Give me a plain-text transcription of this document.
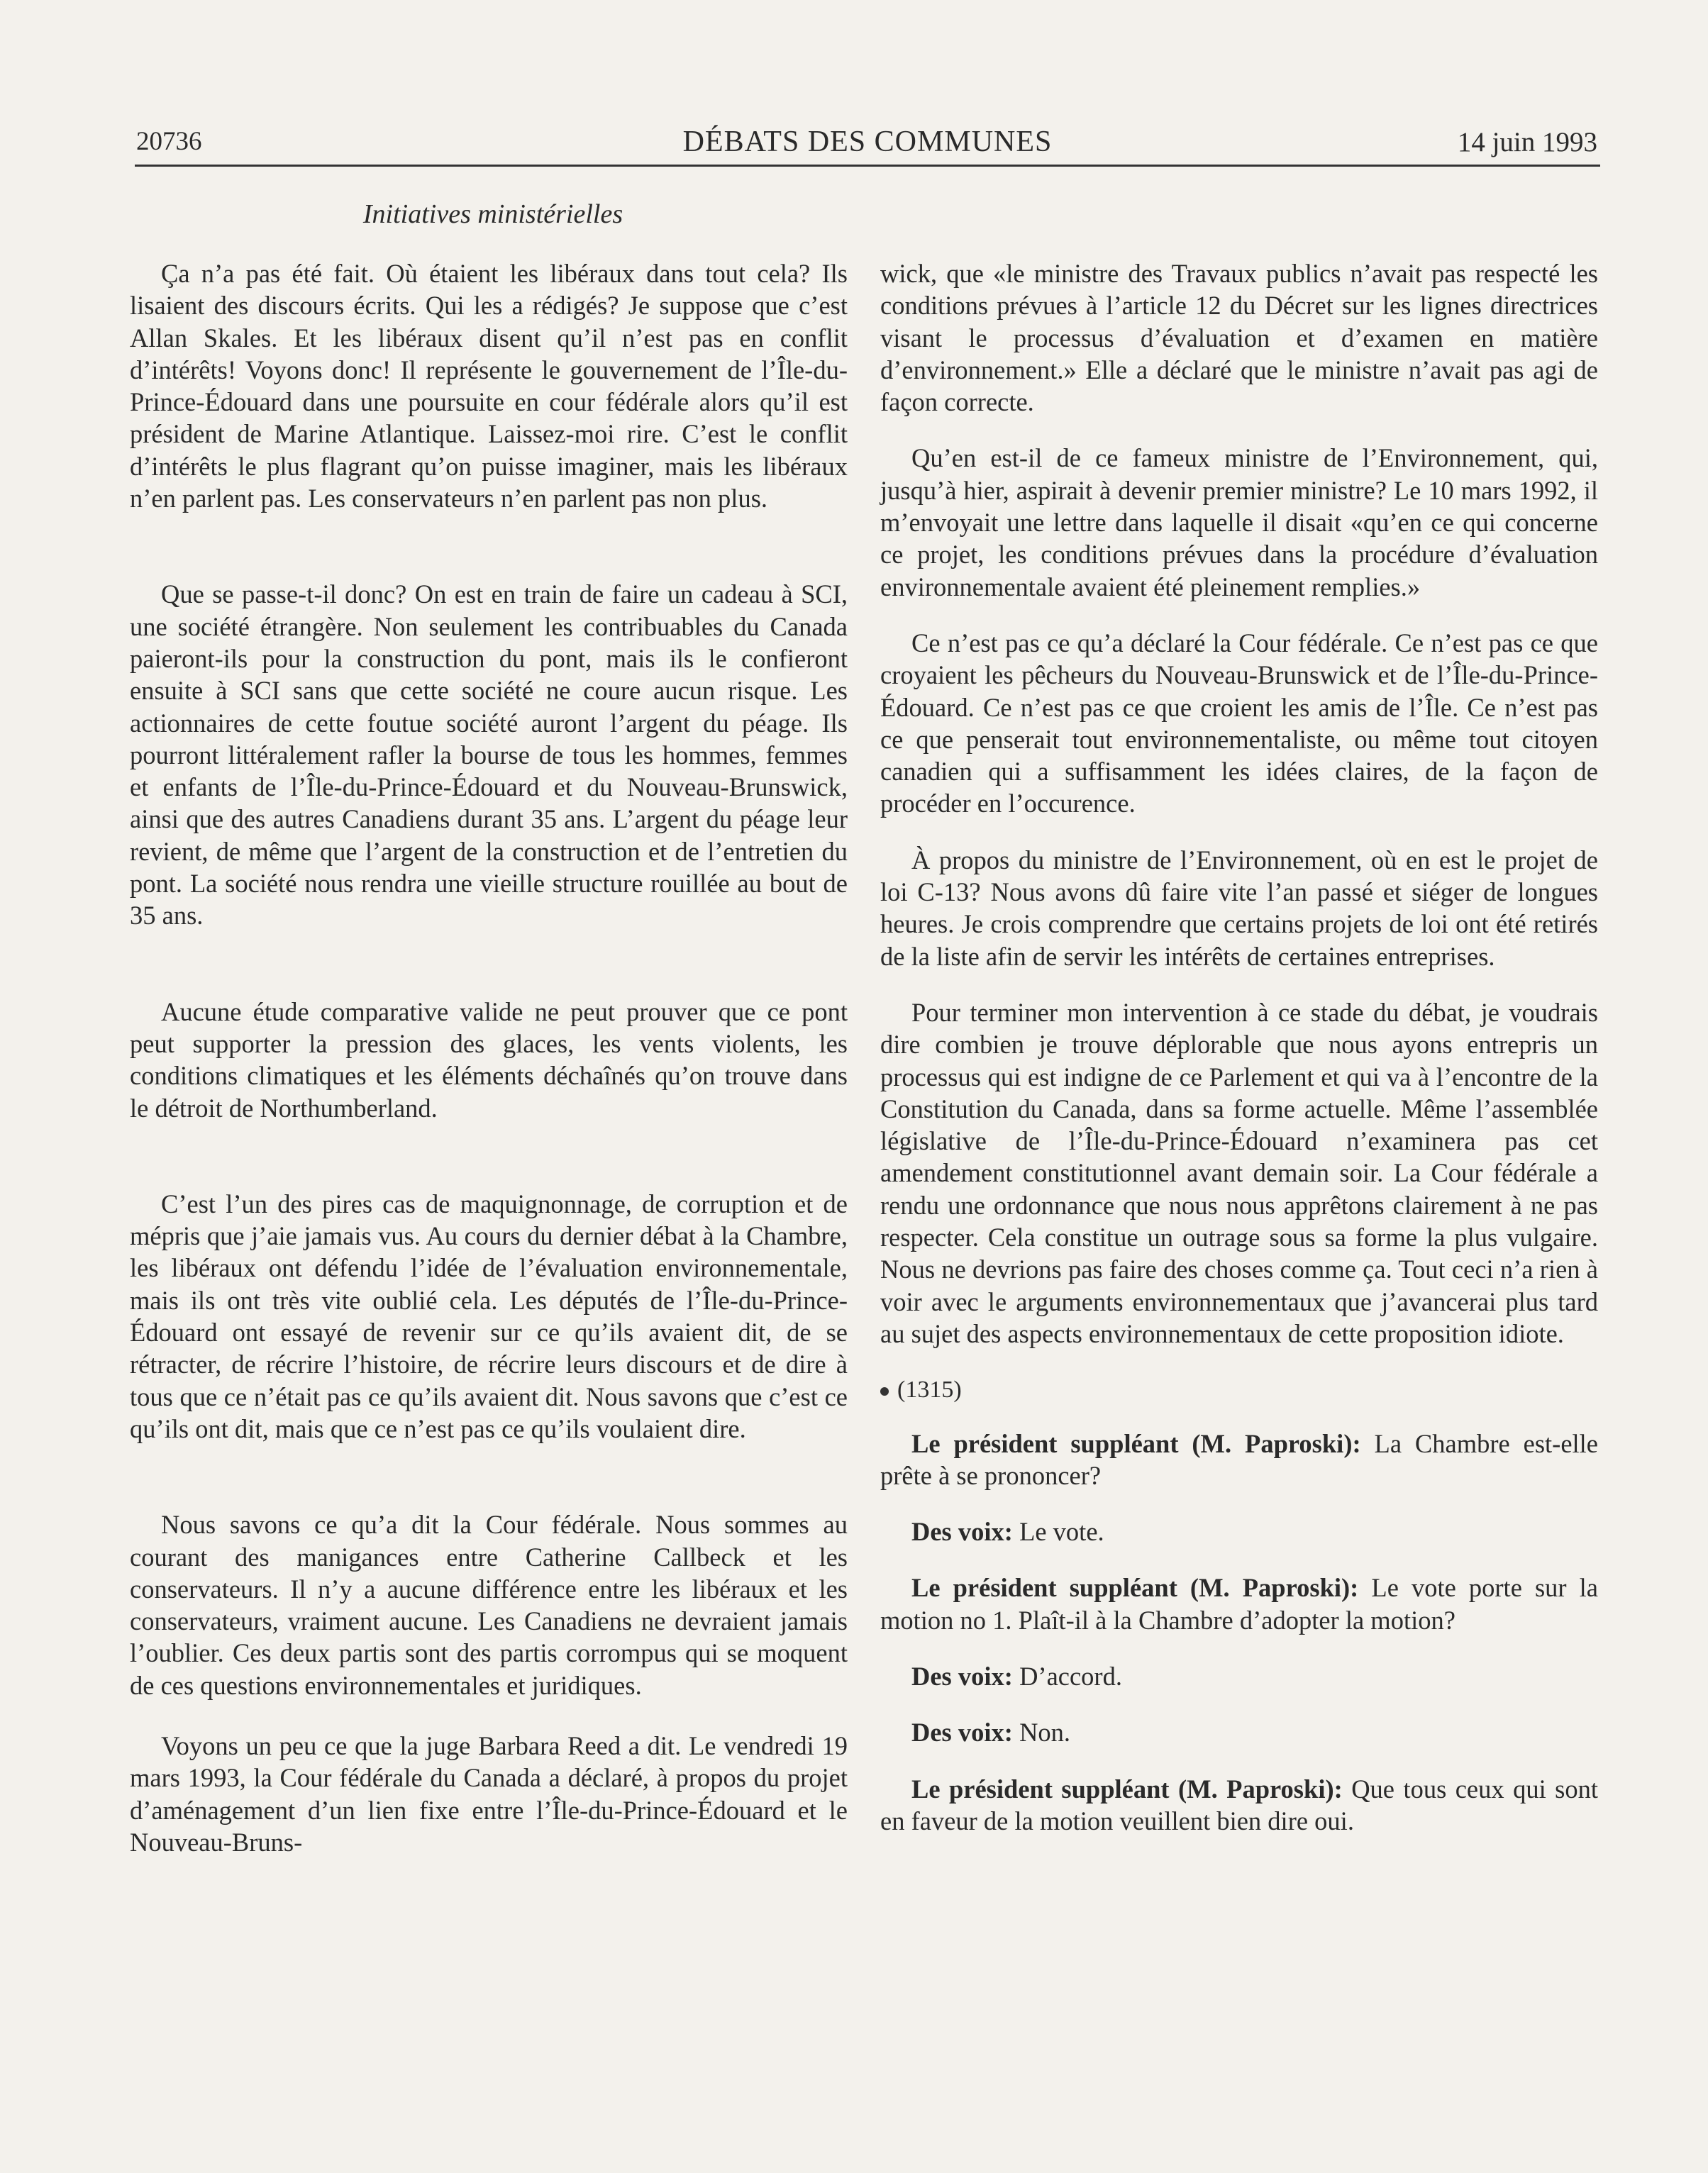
20736	DÉBATS DES COMMUNES	14 juin 1993
Initiatives ministérielles

Ça n’a pas été fait. Où étaient les libéraux dans tout cela? Ils lisaient des discours écrits. Qui les a rédigés? Je suppose que c’est Allan Skales. Et les libéraux disent qu’il n’est pas en conflit d’intérêts! Voyons donc! Il représente le gouvernement de l’Île-du-Prince-Édouard dans une poursuite en cour fédérale alors qu’il est président de Marine Atlantique. Laissez-moi rire. C’est le conflit d’intérêts le plus flagrant qu’on puisse imaginer, mais les libéraux n’en parlent pas. Les conservateurs n’en parlent pas non plus.

Que se passe-t-il donc? On est en train de faire un cadeau à SCI, une société étrangère. Non seulement les contribuables du Canada paieront-ils pour la construction du pont, mais ils le confieront ensuite à SCI sans que cette société ne coure aucun risque. Les actionnaires de cette foutue société auront l’argent du péage. Ils pourront littéralement rafler la bourse de tous les hommes, femmes et enfants de l’Île-du-Prince-Édouard et du Nouveau-Brunswick, ainsi que des autres Canadiens durant 35 ans. L’argent du péage leur revient, de même que l’argent de la construction et de l’entretien du pont. La société nous rendra une vieille structure rouillée au bout de 35 ans.

Aucune étude comparative valide ne peut prouver que ce pont peut supporter la pression des glaces, les vents violents, les conditions climatiques et les éléments déchaînés qu’on trouve dans le détroit de Northumberland.

C’est l’un des pires cas de maquignonnage, de corruption et de mépris que j’aie jamais vus. Au cours du dernier débat à la Chambre, les libéraux ont défendu l’idée de l’évaluation environnementale, mais ils ont très vite oublié cela. Les députés de l’Île-du-Prince-Édouard ont essayé de revenir sur ce qu’ils avaient dit, de se rétracter, de récrire l’histoire, de récrire leurs discours et de dire à tous que ce n’était pas ce qu’ils avaient dit. Nous savons que c’est ce qu’ils ont dit, mais que ce n’est pas ce qu’ils voulaient dire.

Nous savons ce qu’a dit la Cour fédérale. Nous sommes au courant des manigances entre Catherine Callbeck et les conservateurs. Il n’y a aucune différence entre les libéraux et les conservateurs, vraiment aucune. Les Canadiens ne devraient jamais l’oublier. Ces deux partis sont des partis corrompus qui se moquent de ces questions environnementales et juridiques.

Voyons un peu ce que la juge Barbara Reed a dit. Le vendredi 19 mars 1993, la Cour fédérale du Canada a déclaré, à propos du projet d’aménagement d’un lien fixe entre l’Île-du-Prince-Édouard et le Nouveau-Bruns-

wick, que «le ministre des Travaux publics n’avait pas respecté les conditions prévues à l’article 12 du Décret sur les lignes directrices visant le processus d’évaluation et d’examen en matière d’environnement.» Elle a déclaré que le ministre n’avait pas agi de façon correcte.

Qu’en est-il de ce fameux ministre de l’Environnement, qui, jusqu’à hier, aspirait à devenir premier ministre? Le 10 mars 1992, il m’envoyait une lettre dans laquelle il disait «qu’en ce qui concerne ce projet, les conditions prévues dans la procédure d’évaluation environnementale avaient été pleinement remplies.»

Ce n’est pas ce qu’a déclaré la Cour fédérale. Ce n’est pas ce que croyaient les pêcheurs du Nouveau-Brunswick et de l’Île-du-Prince-Édouard. Ce n’est pas ce que croient les amis de l’Île. Ce n’est pas ce que penserait tout environnementaliste, ou même tout citoyen canadien qui a suffisamment les idées claires, de la façon de procéder en l’occurence.

À propos du ministre de l’Environnement, où en est le projet de loi C-13? Nous avons dû faire vite l’an passé et siéger de longues heures. Je crois comprendre que certains projets de loi ont été retirés de la liste afin de servir les intérêts de certaines entreprises.

Pour terminer mon intervention à ce stade du débat, je voudrais dire combien je trouve déplorable que nous ayons entrepris un processus qui est indigne de ce Parlement et qui va à l’encontre de la Constitution du Canada, dans sa forme actuelle. Même l’assemblée législative de l’Île-du-Prince-Édouard n’examinera pas cet amendement constitutionnel avant demain soir. La Cour fédérale a rendu une ordonnance que nous nous apprêtons clairement à ne pas respecter. Cela constitue un outrage sous sa forme la plus vulgaire. Nous ne devrions pas faire des choses comme ça. Tout ceci n’a rien à voir avec le arguments environnementaux que j’avancerai plus tard au sujet des aspects environnementaux de cette proposition idiote.

(1315)

Le président suppléant (M. Paproski): La Chambre est-elle prête à se prononcer?

Des voix: Le vote.

Le président suppléant (M. Paproski): Le vote porte sur la motion no 1. Plaît-il à la Chambre d’adopter la motion?

Des voix: D’accord.

Des voix: Non.

Le président suppléant (M. Paproski): Que tous ceux qui sont en faveur de la motion veuillent bien dire oui.
